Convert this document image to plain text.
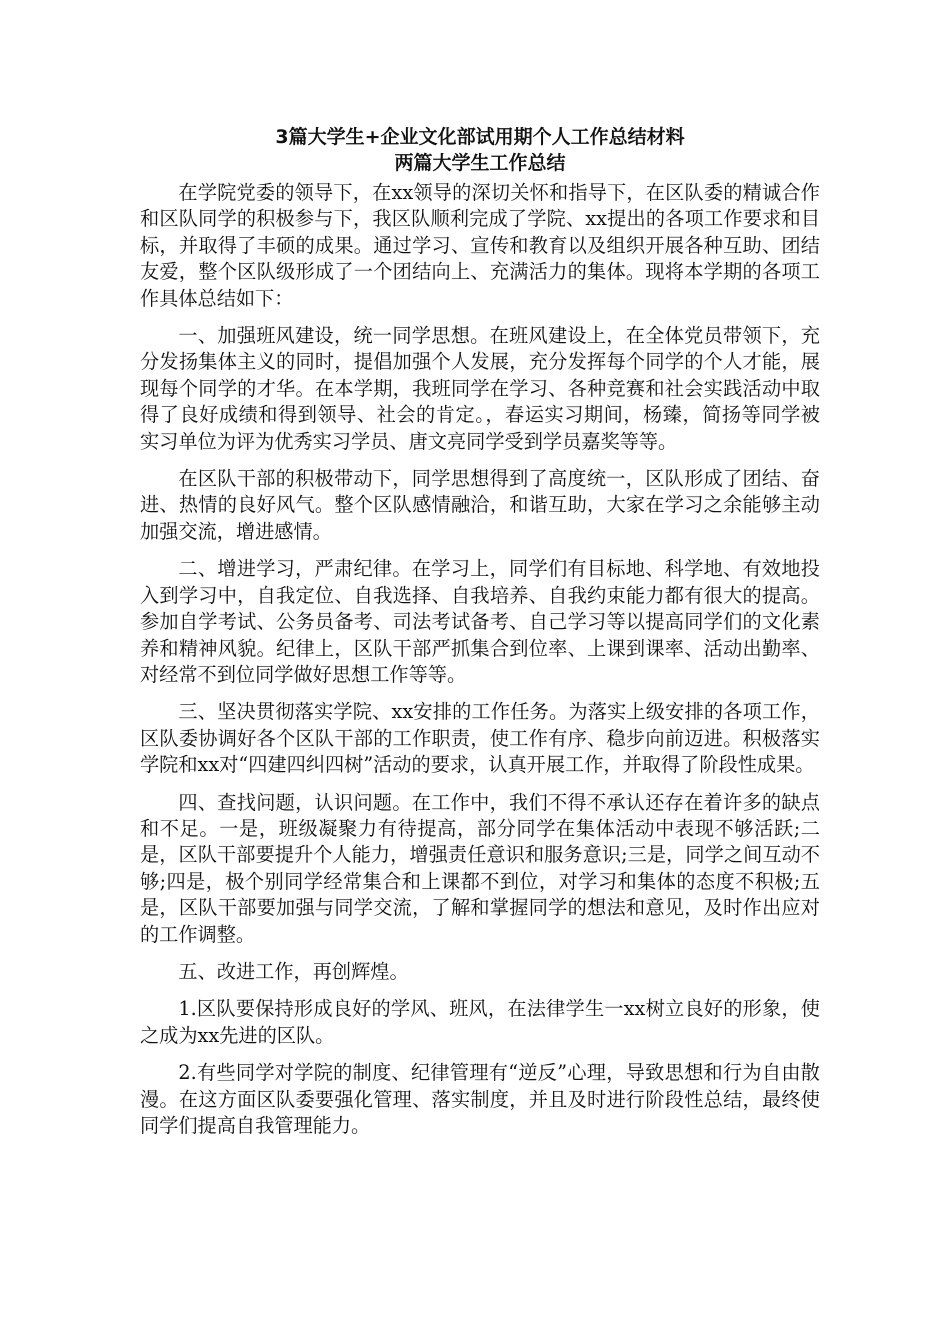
3篇大学生+企业文化部试用期个人工作总结材料
两篇大学生工作总结

在学院党委的领导下，在xx领导的深切关怀和指导下，在区队委的精诚合作和区队同学的积极参与下，我区队顺利完成了学院、xx提出的各项工作要求和目标，并取得了丰硕的成果。通过学习、宣传和教育以及组织开展各种互助、团结友爱，整个区队级形成了一个团结向上、充满活力的集体。现将本学期的各项工作具体总结如下：

一、加强班风建设，统一同学思想。在班风建设上，在全体党员带领下，充分发扬集体主义的同时，提倡加强个人发展，充分发挥每个同学的个人才能，展现每个同学的才华。在本学期，我班同学在学习、各种竞赛和社会实践活动中取得了良好成绩和得到领导、社会的肯定。，春运实习期间，杨臻，简扬等同学被实习单位为评为优秀实习学员、唐文亮同学受到学员嘉奖等等。

在区队干部的积极带动下，同学思想得到了高度统一，区队形成了团结、奋进、热情的良好风气。整个区队感情融洽，和谐互助，大家在学习之余能够主动加强交流，增进感情。

二、增进学习，严肃纪律。在学习上，同学们有目标地、科学地、有效地投入到学习中，自我定位、自我选择、自我培养、自我约束能力都有很大的提高。参加自学考试、公务员备考、司法考试备考、自己学习等以提高同学们的文化素养和精神风貌。纪律上，区队干部严抓集合到位率、上课到课率、活动出勤率、对经常不到位同学做好思想工作等等。

三、坚决贯彻落实学院、xx安排的工作任务。为落实上级安排的各项工作，区队委协调好各个区队干部的工作职责，使工作有序、稳步向前迈进。积极落实学院和xx对“四建四纠四树”活动的要求，认真开展工作，并取得了阶段性成果。

四、查找问题，认识问题。在工作中，我们不得不承认还存在着许多的缺点和不足。一是，班级凝聚力有待提高，部分同学在集体活动中表现不够活跃;二是，区队干部要提升个人能力，增强责任意识和服务意识;三是，同学之间互动不够;四是，极个别同学经常集合和上课都不到位，对学习和集体的态度不积极;五是，区队干部要加强与同学交流，了解和掌握同学的想法和意见，及时作出应对的工作调整。

五、改进工作，再创辉煌。

1.区队要保持形成良好的学风、班风，在法律学生一xx树立良好的形象，使之成为xx先进的区队。

2.有些同学对学院的制度、纪律管理有“逆反”心理，导致思想和行为自由散漫。在这方面区队委要强化管理、落实制度，并且及时进行阶段性总结，最终使同学们提高自我管理能力。
